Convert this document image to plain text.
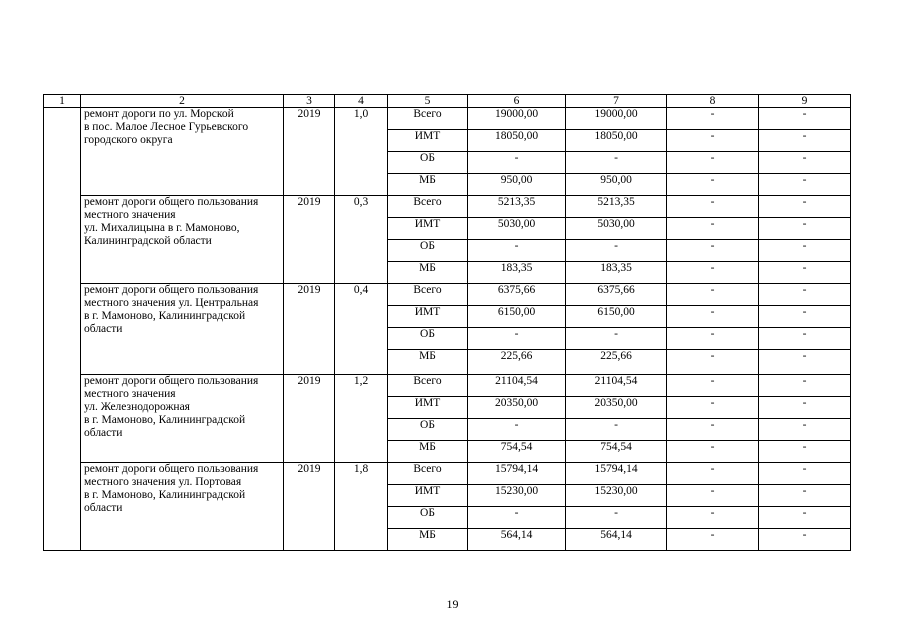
1	2	3	4	5	6	7	8	9
	ремонт дороги по ул. Морской
в пос. Малое Лесное Гурьевского
городского округа	2019	1,0	Всего	19000,00	19000,00	-	-
				ИМТ	18050,00	18050,00	-	-
				ОБ	-	-	-	-
				МБ	950,00	950,00	-	-
	ремонт дороги общего пользования
местного значения
ул. Михалицына в г. Мамоново,
Калининградской области	2019	0,3	Всего	5213,35	5213,35	-	-
				ИМТ	5030,00	5030,00	-	-
				ОБ	-	-	-	-
				МБ	183,35	183,35	-	-
	ремонт дороги общего пользования
местного значения ул. Центральная
в г. Мамоново, Калининградской
области	2019	0,4	Всего	6375,66	6375,66	-	-
				ИМТ	6150,00	6150,00	-	-
				ОБ	-	-	-	-
				МБ	225,66	225,66	-	-
	ремонт дороги общего пользования
местного значения
ул. Железнодорожная
в г. Мамоново, Калининградской
области	2019	1,2	Всего	21104,54	21104,54	-	-
				ИМТ	20350,00	20350,00	-	-
				ОБ	-	-	-	-
				МБ	754,54	754,54	-	-
	ремонт дороги общего пользования
местного значения ул. Портовая
в г. Мамоново, Калининградской
области	2019	1,8	Всего	15794,14	15794,14	-	-
				ИМТ	15230,00	15230,00	-	-
				ОБ	-	-	-	-
				МБ	564,14	564,14	-	-
19
